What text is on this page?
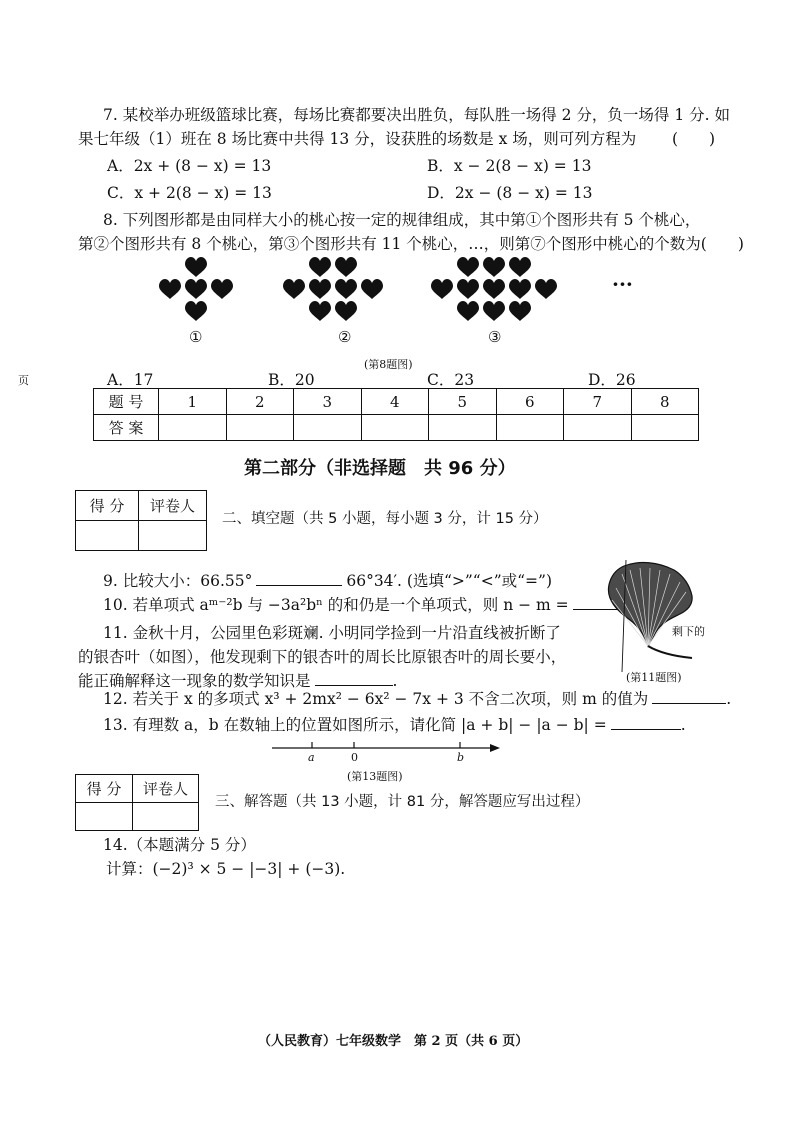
页
7. 某校举办班级篮球比赛，每场比赛都要决出胜负，每队胜一场得 2 分，负一场得 1 分. 如
果七年级（1）班在 8 场比赛中共得 13 分，设获胜的场数是 x 场，则可列方程为 (　　)
A．2x + (8 − x) = 13	B．x − 2(8 − x) = 13
C．x + 2(8 − x) = 13	D．2x − (8 − x) = 13
8. 下列图形都是由同样大小的桃心按一定的规律组成，其中第①个图形共有 5 个桃心，
第②个图形共有 8 个桃心，第③个图形共有 11 个桃心，…，则第⑦个图形中桃心的个数为(　　)
···
①	②	③
(第8题图)
A．17	B．20	C．23	D．26
题 号	1	2	3	4	5	6	7	8
答 案								
第二部分（非选择题　共 96 分）
得 分	评卷人

二、填空题（共 5 小题，每小题 3 分，计 15 分）
9. 比较大小：66.55°	66°34′. (选填“>”“<”或“=”)
10. 若单项式 aᵐ⁻²b 与 −3a²bⁿ 的和仍是一个单项式，则 n − m =
11. 金秋十月，公园里色彩斑斓. 小明同学捡到一片沿直线被折断了
的银杏叶（如图），他发现剩下的银杏叶的周长比原银杏叶的周长要小，
能正确解释这一现象的数学知识是	.
剩下的
(第11题图)
12. 若关于 x 的多项式 x³ + 2mx² − 6x² − 7x + 3 不含二次项，则 m 的值为	.
13. 有理数 a，b 在数轴上的位置如图所示，请化简 |a + b| − |a − b| =	.
a	0	b
(第13题图)
得 分	评卷人

三、解答题（共 13 小题，计 81 分，解答题应写出过程）
14.（本题满分 5 分）
计算：(−2)³ × 5 − |−3| + (−3).
（人民教育）七年级数学　第 2 页（共 6 页）
